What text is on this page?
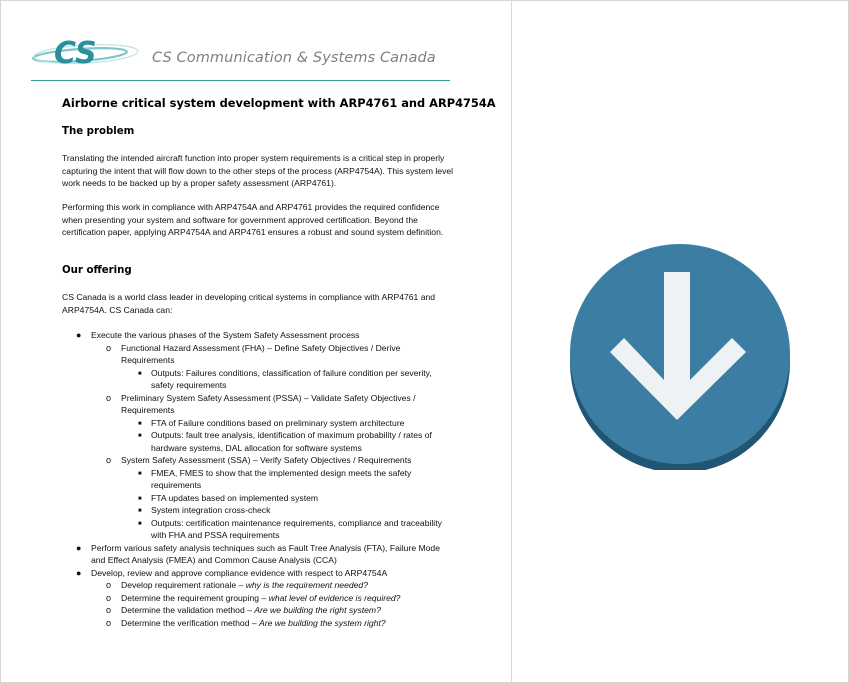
CS	CS Communication & Systems Canada
Airborne critical system development with ARP4761 and ARP4754A
The problem
Translating the intended aircraft function into proper system requirements is a critical step in properly capturing the intent that will flow down to the other steps of the process (ARP4754A). This system level work needs to be backed up by a proper safety assessment (ARP4761).
Performing this work in compliance with ARP4754A and ARP4761 provides the required confidence when presenting your system and software for government approved certification. Beyond the certification paper, applying ARP4754A and ARP4761 ensures a robust and sound system definition.
Our offering
CS Canada is a world class leader in developing critical systems in compliance with ARP4761 and ARP4754A. CS Canada can:
● Execute the various phases of the System Safety Assessment process
o Functional Hazard Assessment (FHA) – Define Safety Objectives / Derive Requirements
■ Outputs: Failures conditions, classification of failure condition per severity, safety requirements
o Preliminary System Safety Assessment (PSSA) – Validate Safety Objectives / Requirements
■ FTA of Failure conditions based on preliminary system architecture
■ Outputs: fault tree analysis, identification of maximum probability / rates of hardware systems, DAL allocation for software systems
o System Safety Assessment (SSA) – Verify Safety Objectives / Requirements
■ FMEA, FMES to show that the implemented design meets the safety requirements
■ FTA updates based on implemented system
■ System integration cross-check
■ Outputs: certification maintenance requirements, compliance and traceability with FHA and PSSA requirements
● Perform various safety analysis techniques such as Fault Tree Analysis (FTA), Failure Mode and Effect Analysis (FMEA) and Common Cause Analysis (CCA)
● Develop, review and approve compliance evidence with respect to ARP4754A
o Develop requirement rationale – why is the requirement needed?
o Determine the requirement grouping – what level of evidence is required?
o Determine the validation method – Are we building the right system?
o Determine the verification method – Are we building the system right?
